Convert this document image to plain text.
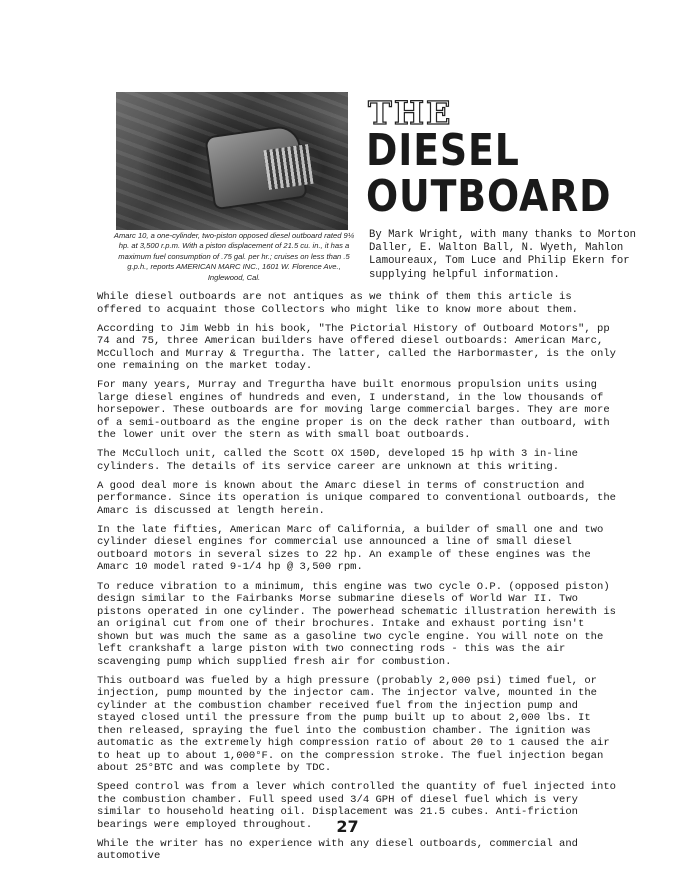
Amarc 10, a one-cylinder, two-piston opposed diesel outboard rated 9¼ hp. at 3,500 r.p.m. With a piston displacement of 21.5 cu. in., it has a maximum fuel consumption of .75 gal. per hr.; cruises on less than .5 g.p.h., reports AMERICAN MARC INC., 1601 W. Florence Ave., Inglewood, Cal.
THE
DIESEL
OUTBOARD
By Mark Wright, with many thanks to Morton Daller, E. Walton Ball, N. Wyeth, Mahlon Lamoureaux, Tom Luce and Philip Ekern for supplying helpful information.

While diesel outboards are not antiques as we think of them this article is offered to acquaint those Collectors who might like to know more about them.

According to Jim Webb in his book, "The Pictorial History of Outboard Motors", pp 74 and 75, three American builders have offered diesel outboards: American Marc, McCulloch and Murray & Tregurtha. The latter, called the Harbormaster, is the only one remaining on the market today.

For many years, Murray and Tregurtha have built enormous propulsion units using large diesel engines of hundreds and even, I understand, in the low thousands of horsepower. These outboards are for moving large commercial barges. They are more of a semi-outboard as the engine proper is on the deck rather than outboard, with the lower unit over the stern as with small boat outboards.

The McCulloch unit, called the Scott OX 150D, developed 15 hp with 3 in-line cylinders. The details of its service career are unknown at this writing.

A good deal more is known about the Amarc diesel in terms of construction and performance. Since its operation is unique compared to conventional outboards, the Amarc is discussed at length herein.

In the late fifties, American Marc of California, a builder of small one and two cylinder diesel engines for commercial use announced a line of small diesel outboard motors in several sizes to 22 hp. An example of these engines was the Amarc 10 model rated 9-1/4 hp @ 3,500 rpm.

To reduce vibration to a minimum, this engine was two cycle O.P. (opposed piston) design similar to the Fairbanks Morse submarine diesels of World War II. Two pistons operated in one cylinder. The powerhead schematic illustration herewith is an original cut from one of their brochures. Intake and exhaust porting isn't shown but was much the same as a gasoline two cycle engine. You will note on the left crankshaft a large piston with two connecting rods - this was the air scavenging pump which supplied fresh air for combustion.

This outboard was fueled by a high pressure (probably 2,000 psi) timed fuel, or injection, pump mounted by the injector cam. The injector valve, mounted in the cylinder at the combustion chamber received fuel from the injection pump and stayed closed until the pressure from the pump built up to about 2,000 lbs. It then released, spraying the fuel into the combustion chamber. The ignition was automatic as the extremely high compression ratio of about 20 to 1 caused the air to heat up to about 1,000°F. on the compression stroke. The fuel injection began about 25°BTC and was complete by TDC.

Speed control was from a lever which controlled the quantity of fuel injected into the combustion chamber. Full speed used 3/4 GPH of diesel fuel which is very similar to household heating oil. Displacement was 21.5 cubes. Anti-friction bearings were employed throughout.

While the writer has no experience with any diesel outboards, commercial and automotive

27
